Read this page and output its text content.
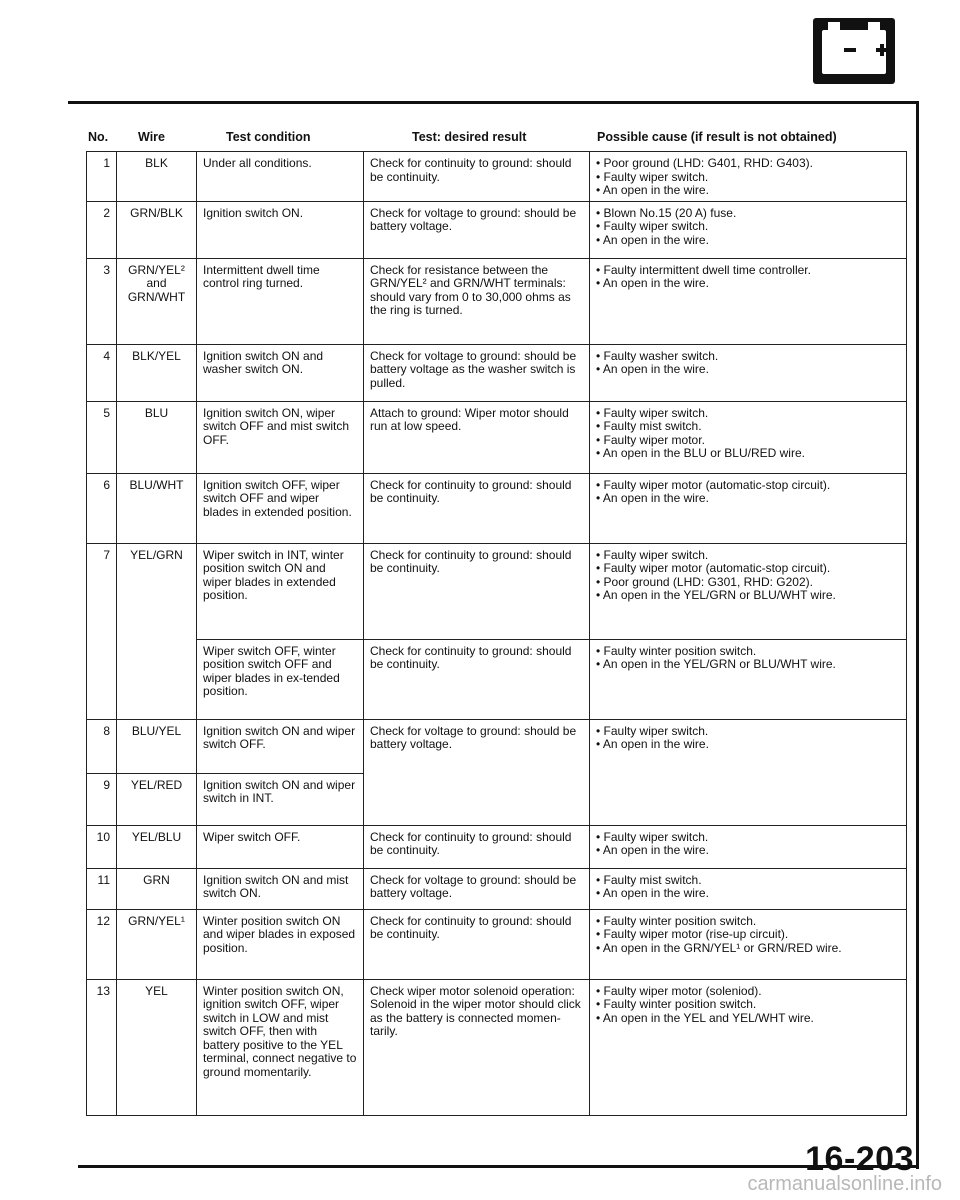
No. Wire	Test condition	Test: desired result	Possible cause (if result is not obtained)
1	BLK	Under all conditions.	Check for continuity to ground: should be continuity.	• Poor ground (LHD: G401, RHD: G403).
• Faulty wiper switch.
• An open in the wire.

2	GRN/BLK	Ignition switch ON.	Check for voltage to ground: should be battery voltage.	• Blown No.15 (20 A) fuse.
• Faulty wiper switch.
• An open in the wire.

3	GRN/YEL² and GRN/WHT	Intermittent dwell time control ring turned.	Check for resistance between the GRN/YEL² and GRN/WHT terminals: should vary from 0 to 30,000 ohms as the ring is turned.	• Faulty intermittent dwell time controller.
• An open in the wire.

4	BLK/YEL	Ignition switch ON and washer switch ON.	Check for voltage to ground: should be battery voltage as the washer switch is pulled.	• Faulty washer switch.
• An open in the wire.

5	BLU	Ignition switch ON, wiper switch OFF and mist switch OFF.	Attach to ground: Wiper motor should run at low speed.	• Faulty wiper switch.
• Faulty mist switch.
• Faulty wiper motor.
• An open in the BLU or BLU/RED wire.

6	BLU/WHT	Ignition switch OFF, wiper switch OFF and wiper blades in extended position.	Check for continuity to ground: should be continuity.	• Faulty wiper motor (automatic-stop circuit).
• An open in the wire.

7	YEL/GRN	Wiper switch in INT, winter position switch ON and wiper blades in extended position.	Check for continuity to ground: should be continuity.	• Faulty wiper switch.
• Faulty wiper motor (automatic-stop circuit).
• Poor ground (LHD: G301, RHD: G202).
• An open in the YEL/GRN or BLU/WHT wire.

		Wiper switch OFF, winter position switch OFF and wiper blades in ex-tended position.	Check for continuity to ground: should be continuity.	• Faulty winter position switch.
• An open in the YEL/GRN or BLU/WHT wire.

8	BLU/YEL	Ignition switch ON and wiper switch OFF.	Check for voltage to ground: should be battery voltage.	• Faulty wiper switch.
• An open in the wire.

9	YEL/RED	Ignition switch ON and wiper switch in INT.		
10	YEL/BLU	Wiper switch OFF.	Check for continuity to ground: should be continuity.	• Faulty wiper switch.
• An open in the wire.

11	GRN	Ignition switch ON and mist switch ON.	Check for voltage to ground: should be battery voltage.	• Faulty mist switch.
• An open in the wire.

12	GRN/YEL¹	Winter position switch ON and wiper blades in exposed position.	Check for continuity to ground: should be continuity.	• Faulty winter position switch.
• Faulty wiper motor (rise-up circuit).
• An open in the GRN/YEL¹ or GRN/RED wire.

13	YEL	Winter position switch ON, ignition switch OFF, wiper switch in LOW and mist switch OFF, then with battery positive to the YEL terminal, connect negative to ground momentarily.	Check wiper motor solenoid operation: Solenoid in the wiper motor should click as the battery is connected momen-tarily.	• Faulty wiper motor (soleniod).
• Faulty winter position switch.
• An open in the YEL and YEL/WHT wire.
16-203
carmanualsonline.info
